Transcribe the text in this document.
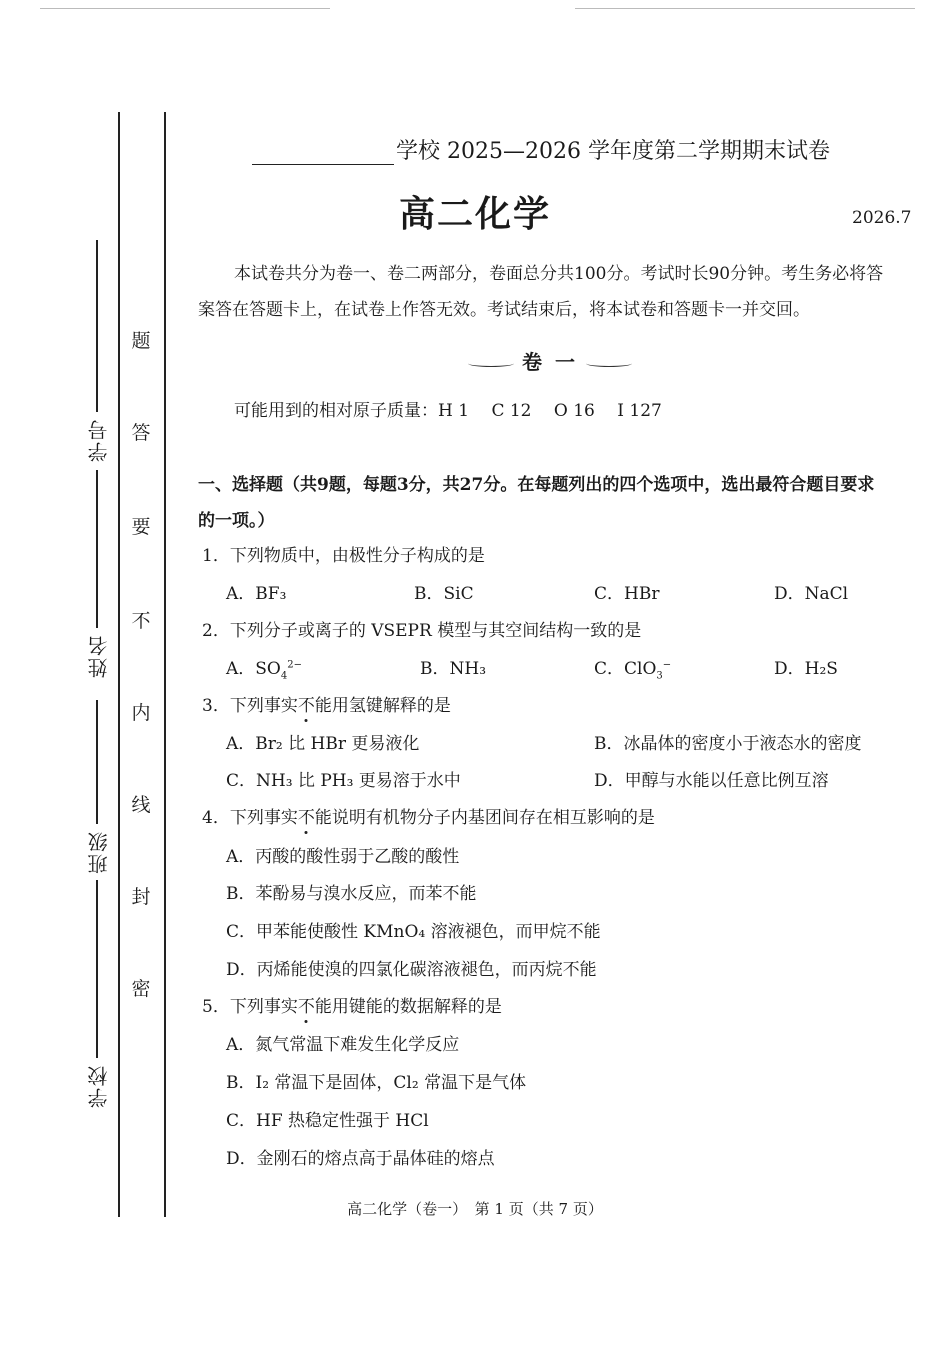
学校
班级
姓名
学号
题
答
要
不
内
线
封
密
学校 2025—2026 学年度第二学期期末试卷
高二化学	2026.7
本试卷共分为卷一、卷二两部分，卷面总分共100分。考试时长90分钟。考生务必将答
案答在答题卡上，在试卷上作答无效。考试结束后，将本试卷和答题卡一并交回。
卷 一
可能用到的相对原子质量：H 1　 C 12　 O 16　 I 127
一、选择题（共9题，每题3分，共27分。在每题列出的四个选项中，选出最符合题目要求
的一项。）
1．下列物质中，由极性分子构成的是
A．BF₃	B．SiC	C．HBr	D．NaCl
2．下列分子或离子的 VSEPR 模型与其空间结构一致的是
A．$SO_4^{2-}$	B．NH₃	C．ClO$_3$−	D．H₂S
3．下列事实不能用氢键解释的是
A．Br₂ 比 HBr 更易液化	B．冰晶体的密度小于液态水的密度
C．NH₃ 比 PH₃ 更易溶于水中	D．甲醇与水能以任意比例互溶
4．下列事实不能说明有机物分子内基团间存在相互影响的是
A．丙酸的酸性弱于乙酸的酸性
B．苯酚易与溴水反应，而苯不能
C．甲苯能使酸性 KMnO₄ 溶液褪色，而甲烷不能
D．丙烯能使溴的四氯化碳溶液褪色，而丙烷不能
5．下列事实不能用键能的数据解释的是
A．氮气常温下难发生化学反应
B．I₂ 常温下是固体，Cl₂ 常温下是气体
C．HF 热稳定性强于 HCl
D．金刚石的熔点高于晶体硅的熔点
高二化学（卷一）　第 1 页（共 7 页）
